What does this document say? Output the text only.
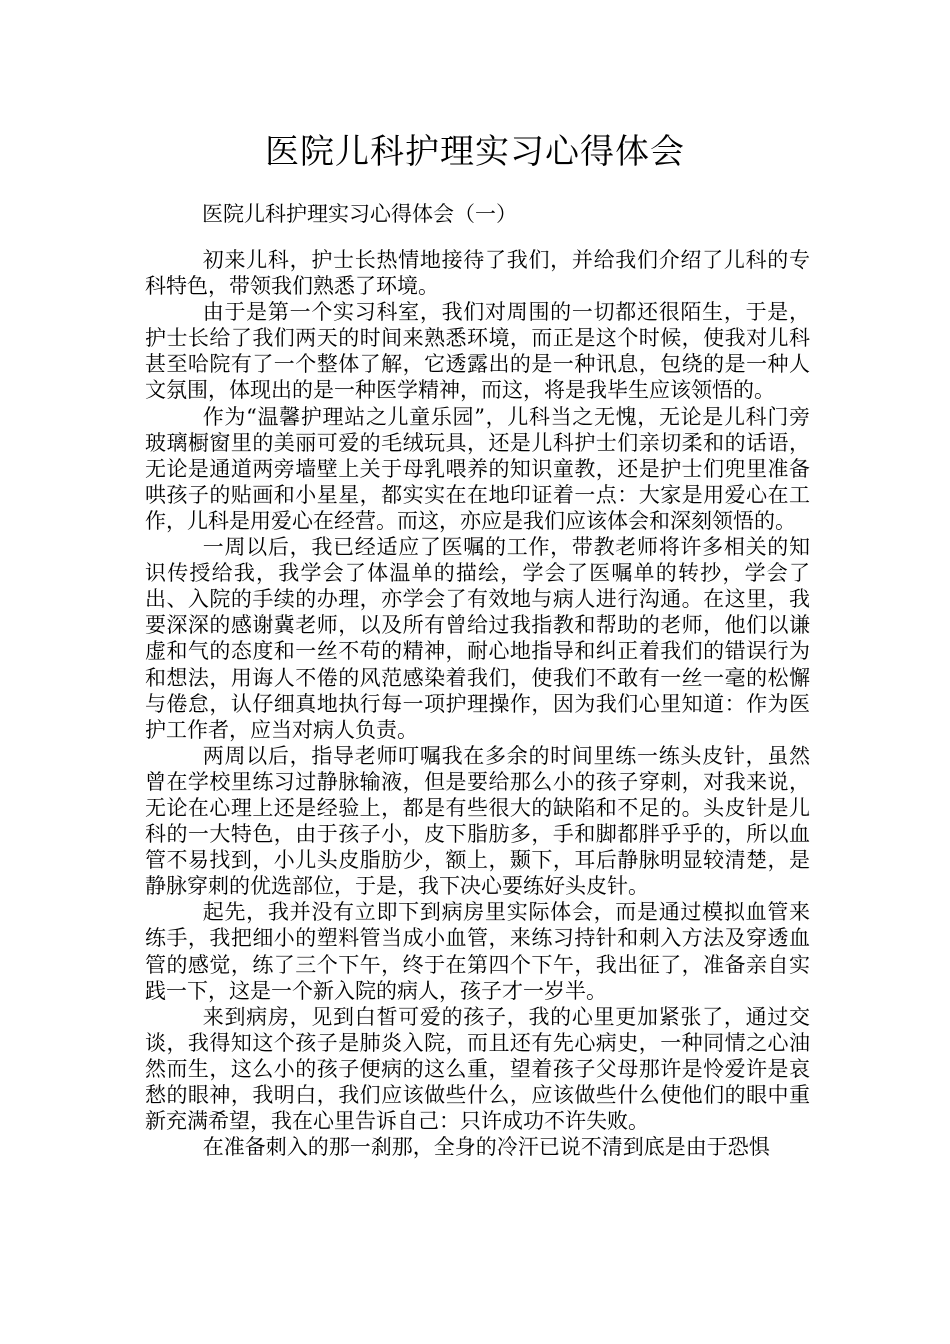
医院儿科护理实习心得体会

医院儿科护理实习心得体会（一）

初来儿科，护士长热情地接待了我们，并给我们介绍了儿科的专科特色，带领我们熟悉了环境。

由于是第一个实习科室，我们对周围的一切都还很陌生，于是，护士长给了我们两天的时间来熟悉环境，而正是这个时候，使我对儿科甚至哈院有了一个整体了解，它透露出的是一种讯息，包绕的是一种人文氛围，体现出的是一种医学精神，而这，将是我毕生应该领悟的。

作为“温馨护理站之儿童乐园”，儿科当之无愧，无论是儿科门旁玻璃橱窗里的美丽可爱的毛绒玩具，还是儿科护士们亲切柔和的话语，无论是通道两旁墙壁上关于母乳喂养的知识童教，还是护士们兜里准备哄孩子的贴画和小星星，都实实在在地印证着一点：大家是用爱心在工作，儿科是用爱心在经营。而这，亦应是我们应该体会和深刻领悟的。

一周以后，我已经适应了医嘱的工作，带教老师将许多相关的知识传授给我，我学会了体温单的描绘，学会了医嘱单的转抄，学会了出、入院的手续的办理，亦学会了有效地与病人进行沟通。在这里，我要深深的感谢冀老师，以及所有曾给过我指教和帮助的老师，他们以谦虚和气的态度和一丝不苟的精神，耐心地指导和纠正着我们的错误行为和想法，用诲人不倦的风范感染着我们，使我们不敢有一丝一毫的松懈与倦怠，认仔细真地执行每一项护理操作，因为我们心里知道：作为医护工作者，应当对病人负责。

两周以后，指导老师叮嘱我在多余的时间里练一练头皮针，虽然曾在学校里练习过静脉输液，但是要给那么小的孩子穿刺，对我来说，无论在心理上还是经验上，都是有些很大的缺陷和不足的。头皮针是儿科的一大特色，由于孩子小，皮下脂肪多，手和脚都胖乎乎的，所以血管不易找到，小儿头皮脂肪少，额上，颞下，耳后静脉明显较清楚，是静脉穿刺的优选部位，于是，我下决心要练好头皮针。

起先，我并没有立即下到病房里实际体会，而是通过模拟血管来练手，我把细小的塑料管当成小血管，来练习持针和刺入方法及穿透血管的感觉，练了三个下午，终于在第四个下午，我出征了，准备亲自实践一下，这是一个新入院的病人，孩子才一岁半。

来到病房，见到白皙可爱的孩子，我的心里更加紧张了，通过交谈，我得知这个孩子是肺炎入院，而且还有先心病史，一种同情之心油然而生，这么小的孩子便病的这么重，望着孩子父母那许是怜爱许是哀愁的眼神，我明白，我们应该做些什么，应该做些什么使他们的眼中重新充满希望，我在心里告诉自己：只许成功不许失败。

在准备刺入的那一刹那，全身的冷汗已说不清到底是由于恐惧
